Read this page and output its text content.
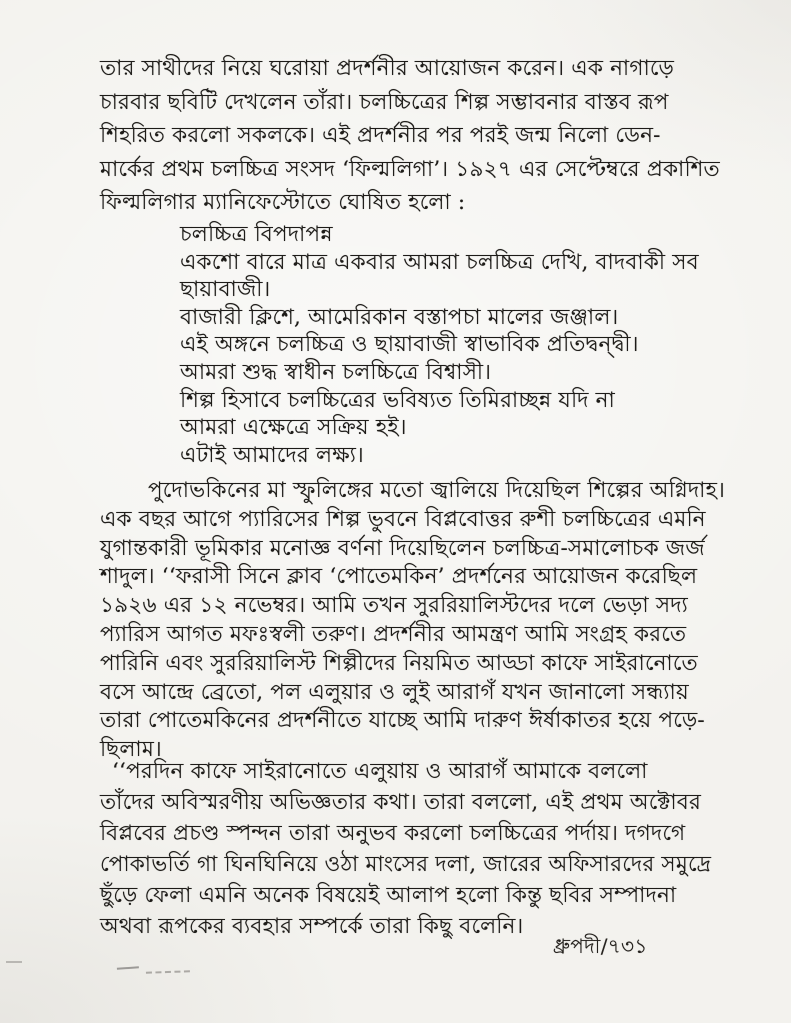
তার সাথীদের নিয়ে ঘরোয়া প্রদর্শনীর আয়োজন করেন। এক নাগাড়ে
চারবার ছবিটি দেখলেন তাঁরা। চলচ্চিত্রের শিল্প সম্ভাবনার বাস্তব রূপ
শিহরিত করলো সকলকে। এই প্রদর্শনীর পর পরই জন্ম নিলো ডেন-
মার্কের প্রথম চলচ্চিত্র সংসদ ‘ফিল্মলিগা’। ১৯২৭ এর সেপ্টেম্বরে প্রকাশিত
ফিল্মলিগার ম্যানিফেস্টোতে ঘোষিত হলো :
চলচ্চিত্র বিপদাপন্ন
একশো বারে মাত্র একবার আমরা চলচ্চিত্র দেখি, বাদবাকী সব
ছায়াবাজী।
বাজারী ক্লিশে, আমেরিকান বস্তাপচা মালের জঞ্জাল।
এই অঙ্গনে চলচ্চিত্র ও ছায়াবাজী স্বাভাবিক প্রতিদ্বন্দ্বী।
আমরা শুদ্ধ স্বাধীন চলচ্চিত্রে বিশ্বাসী।
শিল্প হিসাবে চলচ্চিত্রের ভবিষ্যত তিমিরাচ্ছন্ন যদি না
আমরা এক্ষেত্রে সক্রিয় হই।
এটাই আমাদের লক্ষ্য।
পুদোভকিনের মা স্ফুলিঙ্গের মতো জ্বালিয়ে দিয়েছিল শিল্পের অগ্নিদাহ।
এক বছর আগে প্যারিসের শিল্প ভুবনে বিপ্লবোত্তর রুশী চলচ্চিত্রের এমনি
যুগান্তকারী ভূমিকার মনোজ্ঞ বর্ণনা দিয়েছিলেন চলচ্চিত্র-সমালোচক জর্জ
শাদুল। ‘‘ফরাসী সিনে ক্লাব ‘পোতেমকিন’ প্রদর্শনের আয়োজন করেছিল
১৯২৬ এর ১২ নভেম্বর। আমি তখন সুররিয়ালিস্টদের দলে ভেড়া সদ্য
প্যারিস আগত মফঃস্বলী তরুণ। প্রদর্শনীর আমন্ত্রণ আমি সংগ্রহ করতে
পারিনি এবং সুররিয়ালিস্ট শিল্পীদের নিয়মিত আড্ডা কাফে সাইরানোতে
বসে আন্দ্রে ব্রেতো, পল এলুয়ার ও লুই আরাগঁ যখন জানালো সন্ধ্যায়
তারা পোতেমকিনের প্রদর্শনীতে যাচ্ছে আমি দারুণ ঈর্ষাকাতর হয়ে পড়ে-
ছিলাম।
‘‘পরদিন কাফে সাইরানোতে এলুয়ায় ও আরাগঁ আমাকে বললো
তাঁদের অবিস্মরণীয় অভিজ্ঞতার কথা। তারা বললো, এই প্রথম অক্টোবর
বিপ্লবের প্রচণ্ড স্পন্দন তারা অনুভব করলো চলচ্চিত্রের পর্দায়। দগদগে
পোকাভর্তি গা ঘিনঘিনিয়ে ওঠা মাংসের দলা, জারের অফিসারদের সমুদ্রে
ছুঁড়ে ফেলা এমনি অনেক বিষয়েই আলাপ হলো কিন্তু ছবির সম্পাদনা
অথবা রূপকের ব্যবহার সম্পর্কে তারা কিছু বলেনি।
ধ্রুপদী/৭৩১
